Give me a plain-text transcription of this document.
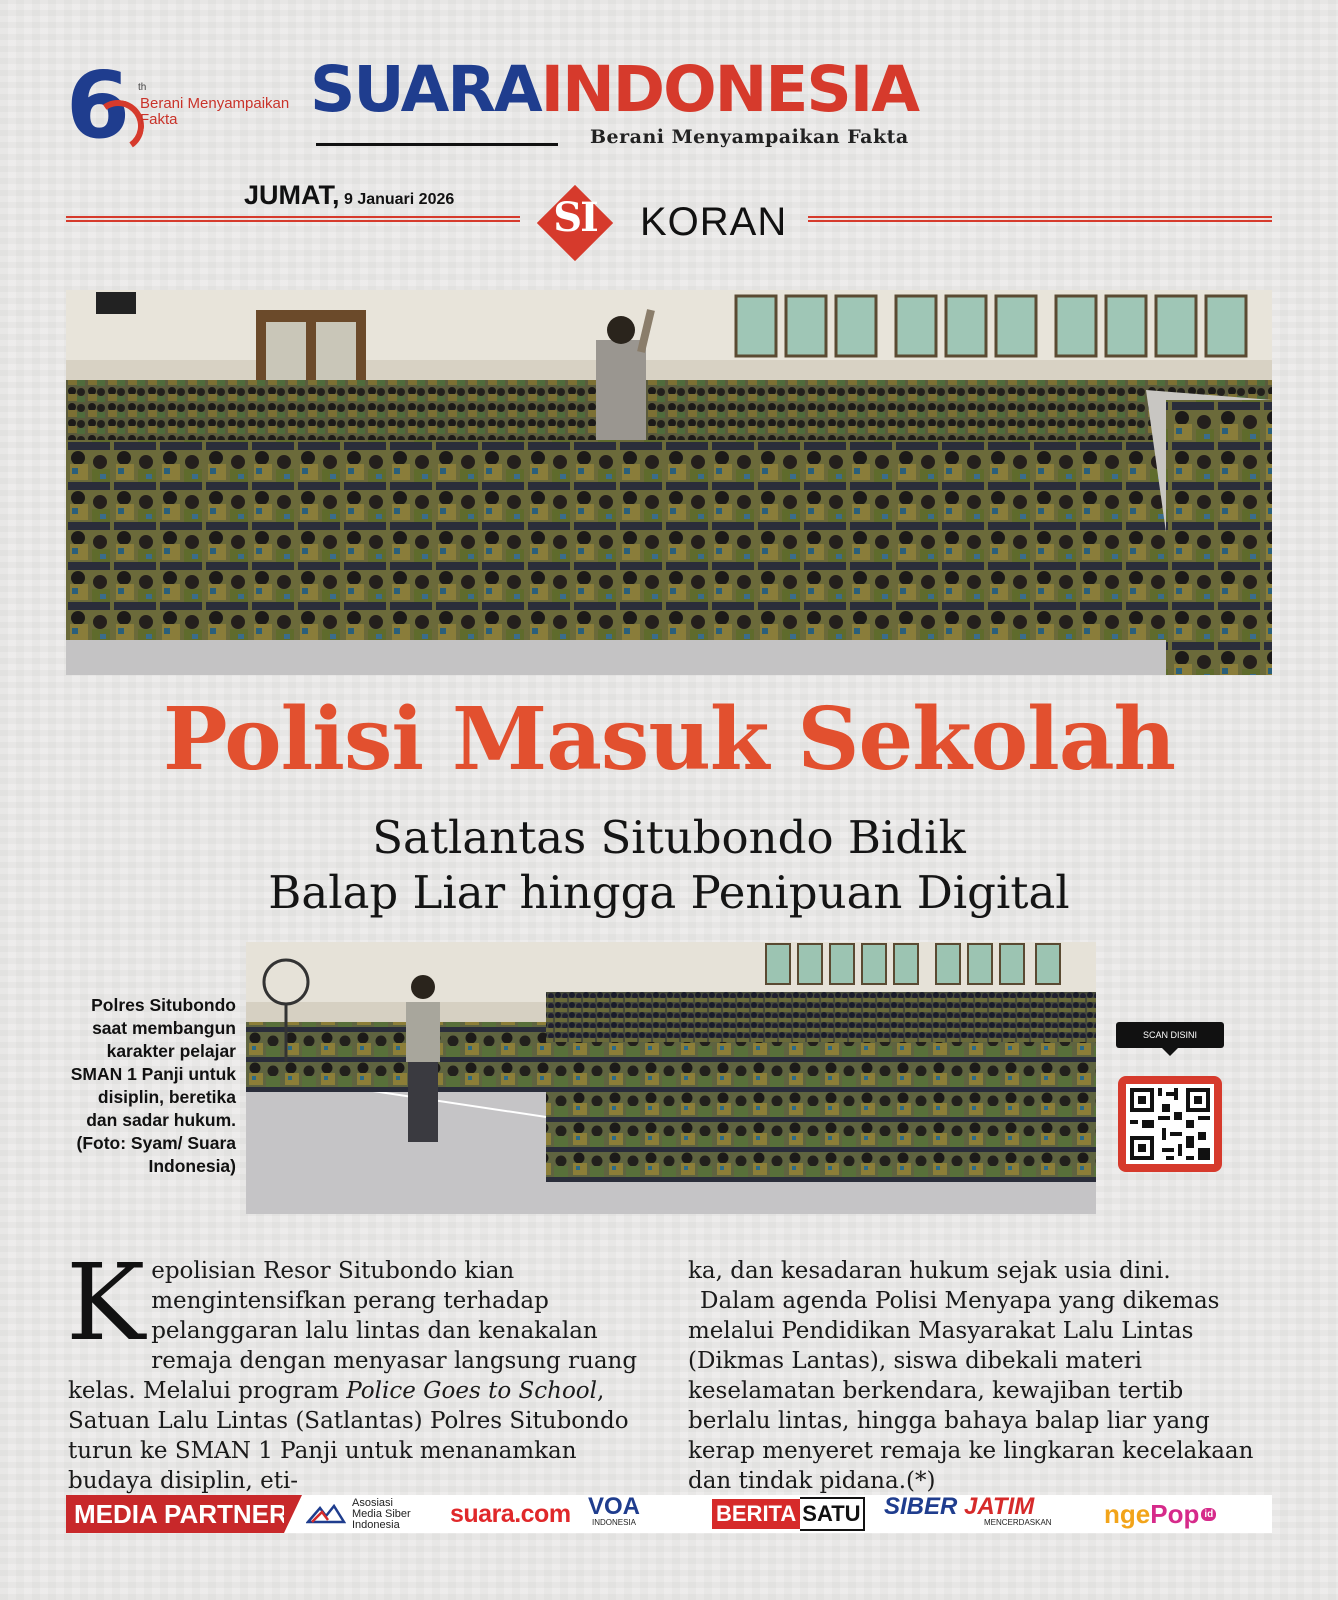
6 th
Berani Menyampaikan Fakta	SUARAINDONESIA
Berani Menyampaikan Fakta
JUMAT, 9 Januari 2026	SI	KORAN
Polisi Masuk Sekolah
Satlantas Situbondo Bidik
Balap Liar hingga Penipuan Digital
Polres Situbondo saat membangun karakter pelajar SMAN 1 Panji untuk disiplin, beretika dan sadar hukum. (Foto: Syam/ Suara Indonesia)
SCAN DISINI

Kepolisian Resor Situbondo kian mengintensifkan perang terhadap pelanggaran lalu lintas dan kenakalan remaja dengan menyasar langsung ruang kelas. Melalui program Police Goes to School, Satuan Lalu Lintas (Satlantas) Polres Situbondo turun ke SMAN 1 Panji untuk menanamkan budaya disiplin, eti-

ka, dan kesadaran hukum sejak usia dini.

Dalam agenda Polisi Menyapa yang dikemas melalui Pendidikan Masyarakat Lalu Lintas (Dikmas Lantas), siswa dibekali materi keselamatan berkendara, kewajiban tertib berlalu lintas, hingga bahaya balap liar yang kerap menyeret remaja ke lingkaran kecelakaan dan tindak pidana.(*)

MEDIA PARTNER	Asosiasi
Media Siber
Indonesia	suara.com VOA
INDONESIA	BERITA SATU SIBER JATIM
MENCERDASKAN nge Pop id
